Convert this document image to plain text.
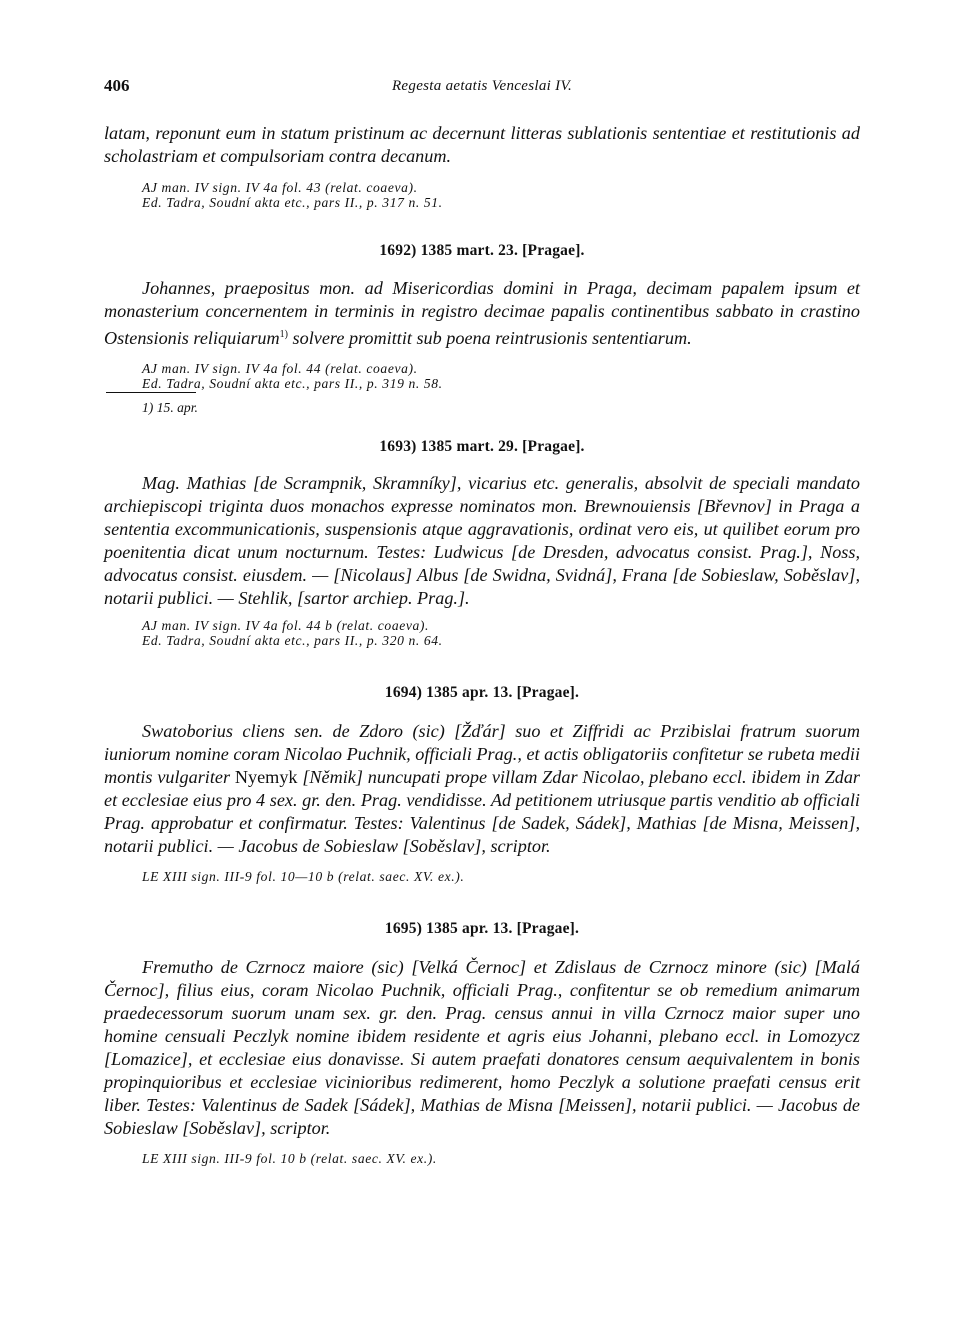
406	Regesta aetatis Venceslai IV.

latam, reponunt eum in statum pristinum ac decernunt litteras sublationis sententiae et restitutionis ad scholastriam et compulsoriam contra decanum.

AJ man. IV sign. IV 4a fol. 43 (relat. coaeva).
Ed. Tadra, Soudní akta etc., pars II., p. 317 n. 51.
1692) 1385 mart. 23. [Pragae].

Johannes, praepositus mon. ad Misericordias domini in Praga, decimam papalem ipsum et monasterium concernentem in terminis in registro decimae papalis continentibus sabbato in crastino Ostensionis reliquiarum$^{1)}$ solvere promittit sub poena reintrusionis sententiarum.

AJ man. IV sign. IV 4a fol. 44 (relat. coaeva).
Ed. Tadra, Soudní akta etc., pars II., p. 319 n. 58.
1) 15. apr.
1693) 1385 mart. 29. [Pragae].

Mag. Mathias [de Scrampnik, Skramníky], vicarius etc. generalis, absolvit de speciali mandato archiepiscopi triginta duos monachos expresse nominatos mon. Brewnouiensis [Břevnov] in Praga a sententia excommunicationis, suspensionis atque aggravationis, ordinat vero eis, ut quilibet eorum pro poenitentia dicat unum nocturnum. Testes: Ludwicus [de Dresden, advocatus consist. Prag.], Noss, advocatus consist. eiusdem. — [Nicolaus] Albus [de Swidna, Svidná], Frana [de Sobieslaw, Soběslav], notarii publici. — Stehlik, [sartor archiep. Prag.].

AJ man. IV sign. IV 4a fol. 44 b (relat. coaeva).
Ed. Tadra, Soudní akta etc., pars II., p. 320 n. 64.
1694) 1385 apr. 13. [Pragae].

Swatoborius cliens sen. de Zdoro (sic) [Žďár] suo et Ziffridi ac Przibislai fratrum suorum iuniorum nomine coram Nicolao Puchnik, officiali Prag., et actis obligatoriis confitetur se rubeta medii montis vulgariter Nyemyk [Němik] nuncupati prope villam Zdar Nicolao, plebano eccl. ibidem in Zdar et ecclesiae eius pro 4 sex. gr. den. Prag. vendidisse. Ad petitionem utriusque partis venditio ab officiali Prag. approbatur et confirmatur. Testes: Valentinus [de Sadek, Sádek], Mathias [de Misna, Meissen], notarii publici. — Jacobus de Sobieslaw [Soběslav], scriptor.

LE XIII sign. III-9 fol. 10—10 b (relat. saec. XV. ex.).
1695) 1385 apr. 13. [Pragae].

Fremutho de Czrnocz maiore (sic) [Velká Černoc] et Zdislaus de Czrnocz minore (sic) [Malá Černoc], filius eius, coram Nicolao Puchnik, officiali Prag., confitentur se ob remedium animarum praedecessorum suorum unam sex. gr. den. Prag. census annui in villa Czrnocz maior super uno homine censuali Peczlyk nomine ibidem residente et agris eius Johanni, plebano eccl. in Lomozycz [Lomazice], et ecclesiae eius donavisse. Si autem praefati donatores censum aequivalentem in bonis propinquioribus et ecclesiae vicinioribus redimerent, homo Peczlyk a solutione praefati census erit liber. Testes: Valentinus de Sadek [Sádek], Mathias de Misna [Meissen], notarii publici. — Jacobus de Sobieslaw [Soběslav], scriptor.

LE XIII sign. III-9 fol. 10 b (relat. saec. XV. ex.).
